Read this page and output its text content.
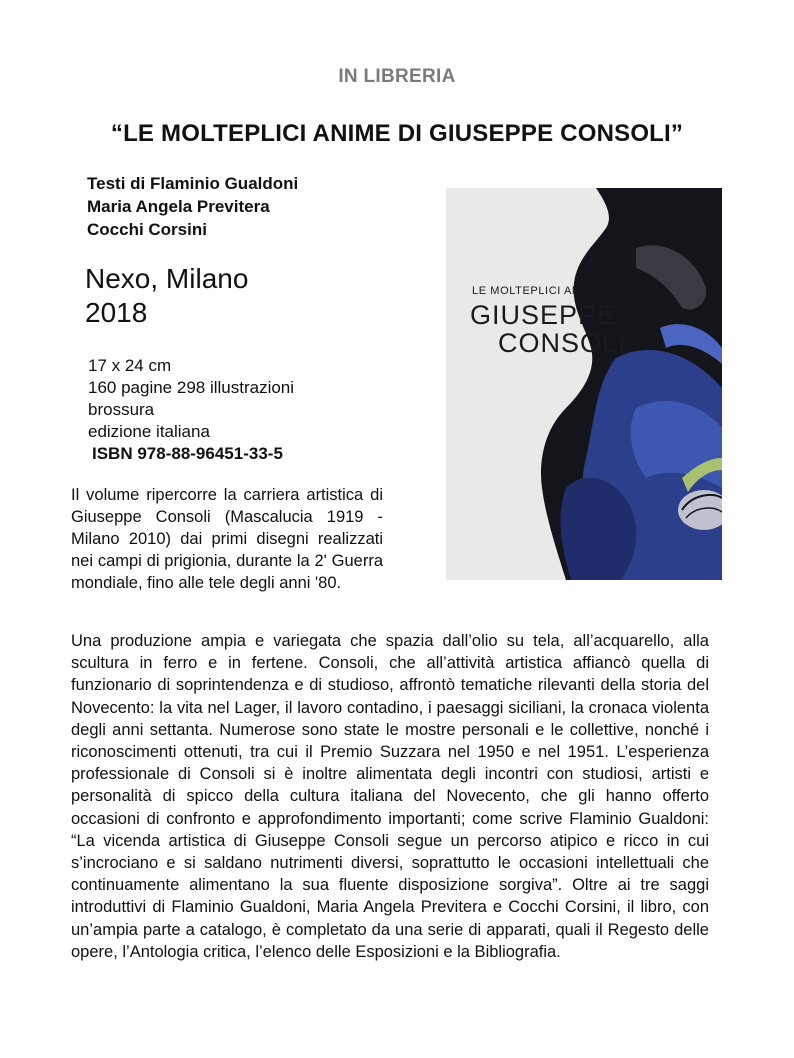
IN LIBRERIA
“LE MOLTEPLICI ANIME DI GIUSEPPE CONSOLI”
Testi di Flaminio Gualdoni
Maria Angela Previtera
Cocchi Corsini
Nexo, Milano
2018
17 x 24 cm
160 pagine 298 illustrazioni
brossura
edizione italiana
ISBN 978-88-96451-33-5
LE MOLTEPLICI ANIME DI
GIUSEPPE
CONSOLI
Il volume ripercorre la carriera artistica di Giuseppe Consoli (Mascalucia 1919 - Milano 2010) dai primi disegni realizzati nei campi di prigionia, durante la 2' Guerra mondiale, fino alle tele degli anni '80.
Una produzione ampia e variegata che spazia dall’olio su tela, all’acquarello, alla scultura in ferro e in fertene. Consoli, che all’attività artistica affiancò quella di funzionario di soprintendenza e di studioso, affrontò tematiche rilevanti della storia del Novecento: la vita nel Lager, il lavoro contadino, i paesaggi siciliani, la cronaca violenta degli anni settanta. Numerose sono state le mostre personali e le collettive, nonché i riconoscimenti ottenuti, tra cui il Premio Suzzara nel 1950 e nel 1951. L’esperienza professionale di Consoli si è inoltre alimentata degli incontri con studiosi, artisti e personalità di spicco della cultura italiana del Novecento, che gli hanno offerto occasioni di confronto e approfondimento importanti; come scrive Flaminio Gualdoni: “La vicenda artistica di Giuseppe Consoli segue un percorso atipico e ricco in cui s’incrociano e si saldano nutrimenti diversi, soprattutto le occasioni intellettuali che continuamente alimentano la sua fluente disposizione sorgiva”. Oltre ai tre saggi introduttivi di Flaminio Gualdoni, Maria Angela Previtera e Cocchi Corsini, il libro, con un’ampia parte a catalogo, è completato da una serie di apparati, quali il Regesto delle opere, l’Antologia critica, l’elenco delle Esposizioni e la Bibliografia.
